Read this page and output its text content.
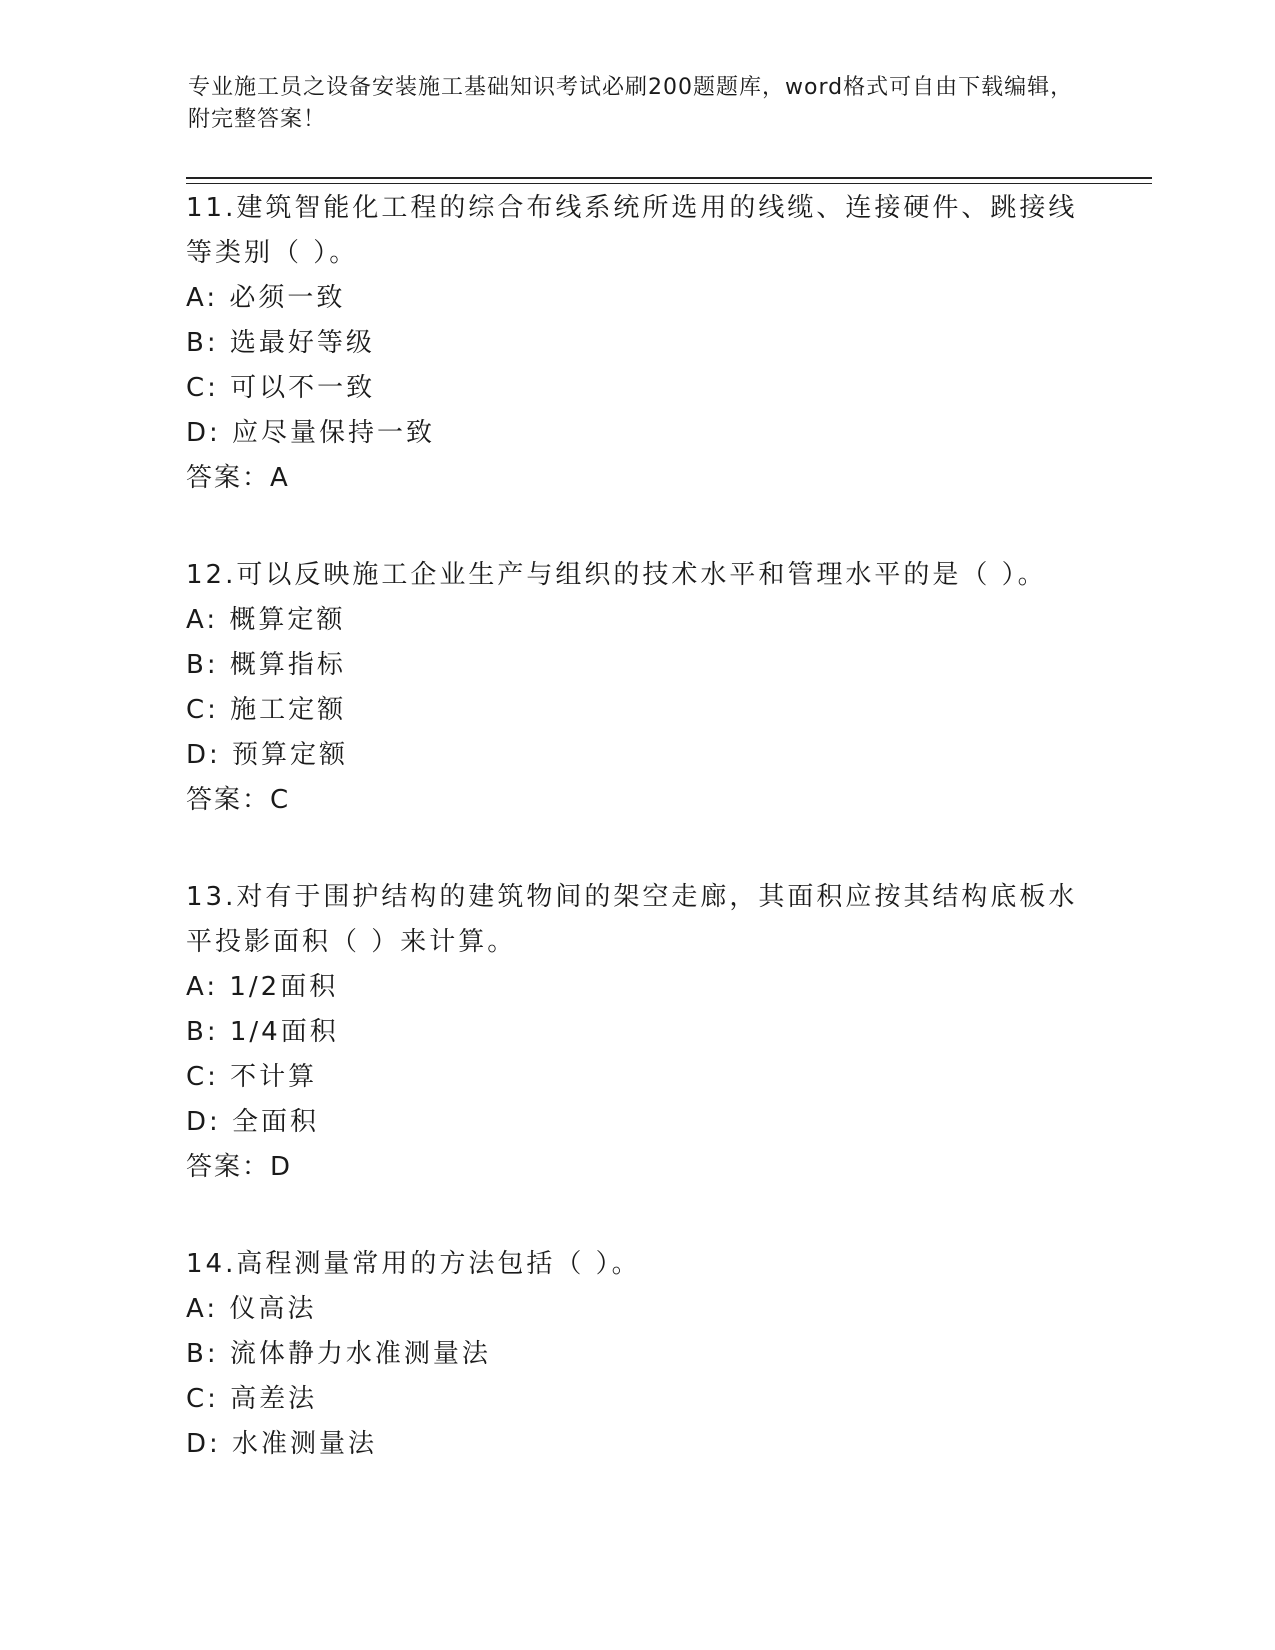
专业施工员之设备安装施工基础知识考试必刷200题题库，word格式可自由下载编辑，附完整答案！
11.建筑智能化工程的综合布线系统所选用的线缆、连接硬件、跳接线等类别（ ）。
A: 必须一致
B: 选最好等级
C: 可以不一致
D: 应尽量保持一致
答案：A
12.可以反映施工企业生产与组织的技术水平和管理水平的是（ ）。
A: 概算定额
B: 概算指标
C: 施工定额
D: 预算定额
答案：C
13.对有于围护结构的建筑物间的架空走廊，其面积应按其结构底板水平投影面积（ ）来计算。
A: 1/2面积
B: 1/4面积
C: 不计算
D: 全面积
答案：D
14.高程测量常用的方法包括（ ）。
A: 仪高法
B: 流体静力水准测量法
C: 高差法
D: 水准测量法
